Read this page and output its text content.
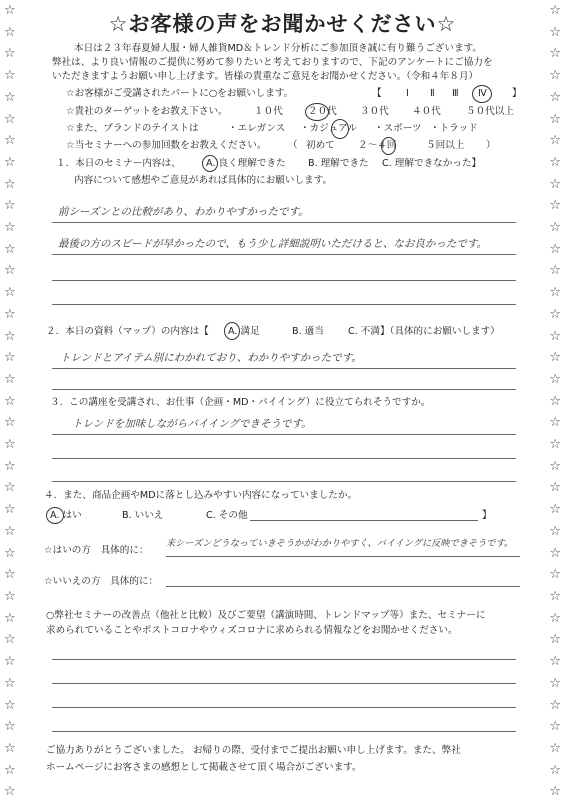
☆
☆
☆
☆
☆
☆
☆
☆
☆
☆
☆
☆
☆
☆
☆
☆
☆
☆
☆
☆
☆
☆
☆
☆
☆
☆
☆
☆
☆
☆
☆
☆
☆
☆
☆
☆
☆
☆
☆
☆
☆
☆
☆
☆
☆
☆
☆
☆
☆
☆
☆
☆
☆
☆
☆
☆
☆
☆
☆
☆
☆
☆
☆
☆
☆
☆
☆
☆
☆
☆
☆
☆
☆
☆
☆お客様の声をお聞かせください☆
本日は２３年春夏婦人服・婦人雑貨MD＆トレンド分析にご参加頂き誠に有り難うございます。
弊社は、より良い情報のご提供に努めて参りたいと考えておりますので、下記のアンケートにご協力を
いただきますようお願い申し上げます。皆様の貴重なご意見をお聞かせください。（令和４年８月）
☆お客様がご受講されたパートに○をお願いします。	【	Ⅰ Ⅱ Ⅲ Ⅳ	】
☆貴社のターゲットをお教え下さい。	１０代	２０代 ３０代 ４０代	５０代以上
☆また、ブランドのテイストは	・エレガンス ・カジュアル ・スポーツ ・トラッド
☆当セミナーへの参加回数をお教えください。 （ 初めて ２～４回	５回以上 ）
１．本日のセミナー内容は、	A. 良く理解できた B. 理解できた C. 理解できなかった】
内容について感想やご意見があれば具体的にお願いします。
前シーズンとの比較があり、わかりやすかったです。
最後の方のスピードが早かったので、もう少し詳細説明いただけると、なお良かったです。
２．本日の資料（マップ）の内容は【 A. 満足	B. 適当	C. 不満】（具体的にお願いします）
トレンドとアイテム別にわかれており、わかりやすかったです。
３．この講座を受講され、お仕事（企画・MD・バイイング）に役立てられそうですか。
トレンドを加味しながらバイイングできそうです。
４．また、商品企画やMDに落とし込みやすい内容になっていましたか。
A. はい	B. いいえ	C. その他	】
☆はいの方　具体的に：
来シーズンどうなっていきそうかがわかりやすく、バイイングに反映できそうです。
☆いいえの方　具体的に：
○弊社セミナーの改善点（他社と比較）及びご要望（講演時間、トレンドマップ等）また、セミナーに
求められていることやポストコロナやウィズコロナに求められる情報などをお聞かせください。
ご協力ありがとうございました。 お帰りの際、受付までご提出お願い申し上げます。また、弊社
ホームページにお客さまの感想として掲載させて頂く場合がございます。
